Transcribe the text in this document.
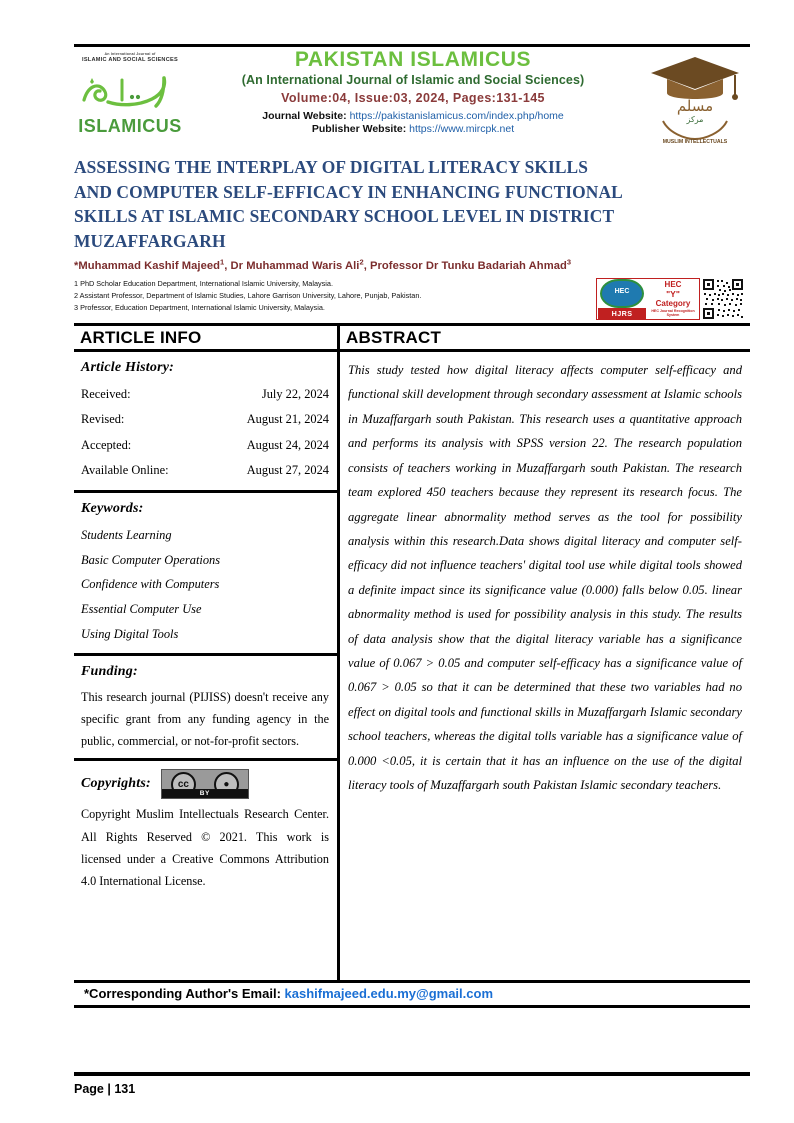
An International Journal of
ISLAMIC AND SOCIAL SCIENCES
ISLAMICUS
PAKISTAN ISLAMICUS
(An International Journal of Islamic and Social Sciences)
Volume:04, Issue:03, 2024, Pages:131-145
Journal Website: https://pakistanislamicus.com/index.php/home
Publisher Website: https://www.mircpk.net
مسلم
مركز
MUSLIM INTELLECTUALS
ASSESSING THE INTERPLAY OF DIGITAL LITERACY SKILLS
AND COMPUTER SELF-EFFICACY IN ENHANCING FUNCTIONAL
SKILLS AT ISLAMIC SECONDARY SCHOOL LEVEL IN DISTRICT
MUZAFFARGARH
*Muhammad Kashif Majeed$^1$, Dr Muhammad Waris Ali$^2$, Professor Dr Tunku Badariah Ahmad$^3$
1 PhD Scholar Education Department, International Islamic University, Malaysia.
2 Assistant Professor, Department of Islamic Studies, Lahore Garrison University, Lahore, Punjab, Pakistan.
3 Professor, Education Department, International Islamic University, Malaysia.
HEC
HJRS
HEC
"Y"
Category
HEC Journal Recognition System
ARTICLE INFO
Article History:
Received:	July 22, 2024
Revised:	August 21, 2024
Accepted:	August 24, 2024
Available Online:	August 27, 2024
Keywords:
Students Learning
Basic Computer Operations
Confidence with Computers
Essential Computer Use
Using Digital Tools
Funding:
This research journal (PIJISS) doesn't receive any specific grant from any funding agency in the public, commercial, or not-for-profit sectors.
Copyrights:	cc	●
BY
Copyright Muslim Intellectuals Research Center. All Rights Reserved © 2021. This work is licensed under a Creative Commons Attribution 4.0 International License.
ABSTRACT
This study tested how digital literacy affects computer self-efficacy and functional skill development through secondary assessment at Islamic schools in Muzaffargarh south Pakistan. This research uses a quantitative approach and performs its analysis with SPSS version 22. The research population consists of teachers working in Muzaffargarh south Pakistan. The research team explored 450 teachers because they represent its research focus. The aggregate linear abnormality method serves as the tool for possibility analysis within this research.Data shows digital literacy and computer self-efficacy did not influence teachers' digital tool use while digital tools showed a definite impact since its significance value (0.000) falls below 0.05. linear abnormality method is used for possibility analysis in this study. The results of data analysis show that the digital literacy variable has a significance value of 0.067 > 0.05 and computer self-efficacy has a significance value of 0.067 > 0.05 so that it can be determined that these two variables had no effect on digital tools and functional skills in Muzaffargarh Islamic secondary school teachers, whereas the digital tolls variable has a significance value of 0.000 <0.05, it is certain that it has an influence on the use of the digital literacy tools of Muzaffargarh south Pakistan Islamic secondary teachers.
*Corresponding Author's Email: kashifmajeed.edu.my@gmail.com
Page | 131
